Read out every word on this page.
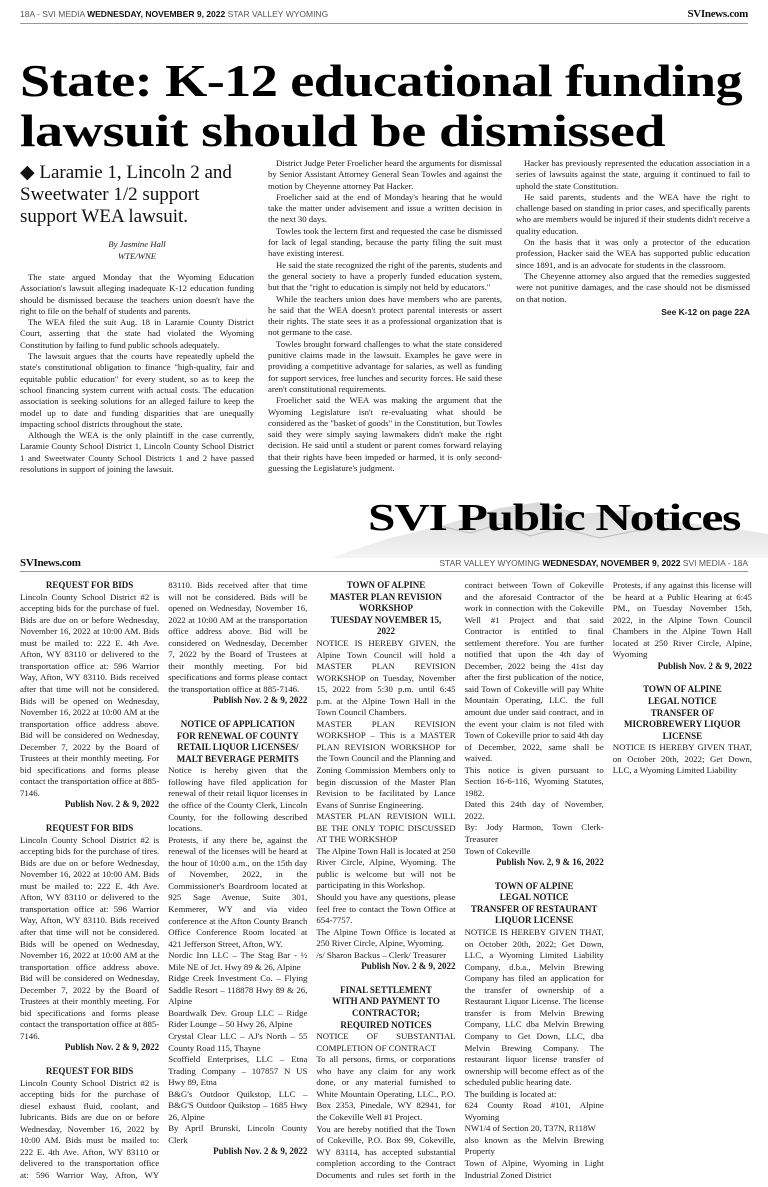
18A - SVI MEDIA WEDNESDAY, NOVEMBER 9, 2022 STAR VALLEY WYOMING	SVInews.com
State: K-12 educational funding
lawsuit should be dismissed
◆ Laramie 1, Lincoln 2 and Sweetwater 1/2 support support WEA lawsuit.
By Jasmine Hall
WTE/WNE

The state argued Monday that the Wyoming Education Association's lawsuit alleging inadequate K-12 education funding should be dismissed because the teachers union doesn't have the right to file on the behalf of students and parents.

The WEA filed the suit Aug. 18 in Laramie County District Court, asserting that the state had violated the Wyoming Constitution by failing to fund public schools adequately.

The lawsuit argues that the courts have repeatedly upheld the state's constitutional obligation to finance "high-quality, fair and equitable public education" for every student, so as to keep the school financing system current with actual costs. The education association is seeking solutions for an alleged failure to keep the model up to date and funding disparities that are unequally impacting school districts throughout the state.

Although the WEA is the only plaintiff in the case currently, Laramie County School District 1, Lincoln County School District 1 and Sweetwater County School Districts 1 and 2 have passed resolutions in support of joining the lawsuit.

District Judge Peter Froelicher heard the arguments for dismissal by Senior Assistant Attorney General Sean Towles and against the motion by Cheyenne attorney Pat Hacker.

Froelicher said at the end of Monday's hearing that he would take the matter under advisement and issue a written decision in the next 30 days.

Towles took the lectern first and requested the case be dismissed for lack of legal standing, because the party filing the suit must have existing interest.

He said the state recognized the right of the parents, students and the general society to have a properly funded education system, but that the "right to education is simply not held by educators."

While the teachers union does have members who are parents, he said that the WEA doesn't protect parental interests or assert their rights. The state sees it as a professional organization that is not germane to the case.

Towles brought forward challenges to what the state considered punitive claims made in the lawsuit. Examples he gave were in providing a competitive advantage for salaries, as well as funding for support services, free lunches and security forces. He said these aren't constitutional requirements.

Froelicher said the WEA was making the argument that the Wyoming Legislature isn't re-evaluating what should be considered as the "basket of goods" in the Constitution, but Towles said they were simply saying lawmakers didn't make the right decision. He said until a student or parent comes forward relaying that their rights have been impeded or harmed, it is only second-guessing the Legislature's judgment.

Hacker has previously represented the education association in a series of lawsuits against the state, arguing it continued to fail to uphold the state Constitution.

He said parents, students and the WEA have the right to challenge based on standing in prior cases, and specifically parents who are members would be injured if their students didn't receive a quality education.

On the basis that it was only a protector of the education profession, Hacker said the WEA has supported public education since 1891, and is an advocate for students in the classroom.

The Cheyenne attorney also argued that the remedies suggested were not punitive damages, and the case should not be dismissed on that notion.

See K-12 on page 22A
SVI Public Notices
SVInews.com	STAR VALLEY WYOMING WEDNESDAY, NOVEMBER 9, 2022 SVI MEDIA - 18A
REQUEST FOR BIDS

Lincoln County School District #2 is accepting bids for the purchase of fuel. Bids are due on or before Wednesday, November 16, 2022 at 10:00 AM. Bids must be mailed to: 222 E. 4th Ave. Afton, WY 83110 or delivered to the transportation office at: 596 Warrior Way, Afton, WY 83110. Bids received after that time will not be considered. Bids will be opened on Wednesday, November 16, 2022 at 10:00 AM at the transportation office address above. Bid will be considered on Wednesday, December 7, 2022 by the Board of Trustees at their monthly meeting. For bid specifications and forms please contact the transportation office at 885-7146.

Publish Nov. 2 & 9, 2022

REQUEST FOR BIDS

Lincoln County School District #2 is accepting bids for the purchase of tires. Bids are due on or before Wednesday, November 16, 2022 at 10:00 AM. Bids must be mailed to: 222 E. 4th Ave. Afton, WY 83110 or delivered to the transportation office at: 596 Warrior Way, Afton, WY 83110. Bids received after that time will not be considered. Bids will be opened on Wednesday, November 16, 2022 at 10:00 AM at the transportation office address above. Bid will be considered on Wednesday, December 7, 2022 by the Board of Trustees at their monthly meeting. For bid specifications and forms please contact the transportation office at 885-7146.

Publish Nov. 2 & 9, 2022

REQUEST FOR BIDS

Lincoln County School District #2 is accepting bids for the purchase of diesel exhaust fluid, coolant, and lubricants. Bids are due on or before Wednesday, November 16, 2022 by 10:00 AM. Bids must be mailed to: 222 E. 4th Ave. Afton, WY 83110 or delivered to the transportation office at: 596 Warrior Way, Afton, WY 83110. Bids received after that time will not be considered. Bids will be opened on Wednesday, November 16, 2022 at 10:00 AM at the transportation office address above. Bid will be considered on Wednesday, December 7, 2022 by the Board of Trustees at their monthly meeting. For bid specifications and forms please contact the transportation office at 885-7146.

Publish Nov. 2 & 9, 2022

NOTICE OF APPLICATION
FOR RENEWAL OF COUNTY
RETAIL LIQUOR LICENSES/
MALT BEVERAGE PERMITS

Notice is hereby given that the following have filed application for renewal of their retail liquor licenses in the office of the County Clerk, Lincoln County, for the following described locations.

Protests, if any there be, against the renewal of the licenses will be heard at the hour of 10:00 a.m., on the 15th day of November, 2022, in the Commissioner's Boardroom located at 925 Sage Avenue, Suite 301, Kemmerer, WY and via video conference at the Afton County Branch Office Conference Room located at 421 Jefferson Street, Afton, WY.

Nordic Inn LLC – The Stag Bar - ½ Mile NE of Jct. Hwy 89 & 26, Alpine

Ridge Creek Investment Co. – Flying Saddle Resort – 118878 Hwy 89 & 26, Alpine

Boardwalk Dev. Group LLC – Ridge Rider Lounge – 50 Hwy 26, Alpine

Crystal Clear LLC – AJ's North – 55 County Road 115, Thayne

Scoffield Enterprises, LLC – Etna Trading Company – 107857 N US Hwy 89, Etna

B&G's Outdoor Quikstop, LLC – B&G'S Outdoor Quikstop – 1685 Hwy 26, Alpine

By April Brunski, Lincoln County Clerk

Publish Nov. 2 & 9, 2022

TOWN OF ALPINE
MASTER PLAN REVISION
WORKSHOP
TUESDAY NOVEMBER 15,
2022

NOTICE IS HEREBY GIVEN, the Alpine Town Council will hold a MASTER PLAN REVISION WORKSHOP on Tuesday, November 15, 2022 from 5:30 p.m. until 6:45 p.m. at the Alpine Town Hall in the Town Council Chambers.

MASTER PLAN REVISION WORKSHOP – This is a MASTER PLAN REVISION WORKSHOP for the Town Council and the Planning and Zoning Commission Members only to begin discussion of the Master Plan Revision to be facilitated by Lance Evans of Sunrise Engineering.

MASTER PLAN REVISION WILL BE THE ONLY TOPIC DISCUSSED AT THE WORKSHOP

The Alpine Town Hall is located at 250 River Circle, Alpine, Wyoming. The public is welcome but will not be participating in this Workshop.

Should you have any questions, please feel free to contact the Town Office at 654-7757.

The Alpine Town Office is located at 250 River Circle, Alpine, Wyoming.

/s/ Sharon Backus – Clerk/ Treasurer

Publish Nov. 2 & 9, 2022

FINAL SETTLEMENT
WITH AND PAYMENT TO
CONTRACTOR;
REQUIRED NOTICES

NOTICE OF SUBSTANTIAL COMPLETION OF CONTRACT

To all persons, firms, or corporations who have any claim for any work done, or any material furnished to White Mountain Operating, LLC., P.O. Box 2353, Pinedale, WY 82941, for the Cokeville Well #1 Project.

You are hereby notified that the Town of Cokeville, P.O. Box 99, Cokeville, WY 83114, has accepted substantial completion according to the Contract Documents and rules set forth in the contract between Town of Cokeville and the aforesaid Contractor of the work in connection with the Cokeville Well #1 Project and that said Contractor is entitled to final settlement therefore. You are further notified that upon the 4th day of December, 2022 being the 41st day after the first publication of the notice, said Town of Cokeville will pay White Mountain Operating, LLC. the full amount due under said contract, and in the event your claim is not filed with Town of Cokeville prior to said 4th day of December, 2022, same shall be waived.

This notice is given pursuant to Section 16-6-116, Wyoming Statutes, 1982.

Dated this 24th day of November, 2022.

By: Jody Harmon, Town Clerk-Treasurer

Town of Cokeville

Publish Nov. 2, 9 & 16, 2022

TOWN OF ALPINE
LEGAL NOTICE
TRANSFER OF RESTAURANT
LIQUOR LICENSE

NOTICE IS HEREBY GIVEN THAT, on October 20th, 2022; Get Down, LLC, a Wyoming Limited Liability Company, d.b.a., Melvin Brewing Company has filed an application for the transfer of ownership of a Restaurant Liquor License. The license transfer is from Melvin Brewing Company, LLC dba Melvin Brewing Company to Get Down, LLC, dba Melvin Brewing Company. The restaurant liquor license transfer of ownership will become effect as of the scheduled public hearing date.

The building is located at:

624 County Road #101, Alpine Wyoming

NW1/4 of Section 20, T37N, R118W

also known as the Melvin Brewing Property

Town of Alpine, Wyoming in Light Industrial Zoned District

Protests, if any against this license will be heard at a Public Hearing at 6:45 PM., on Tuesday November 15th, 2022, in the Alpine Town Council Chambers in the Alpine Town Hall located at 250 River Circle, Alpine, Wyoming

Publish Nov. 2 & 9, 2022

TOWN OF ALPINE
LEGAL NOTICE
TRANSFER OF
MICROBREWERY LIQUOR
LICENSE

NOTICE IS HEREBY GIVEN THAT, on October 20th, 2022; Get Down, LLC, a Wyoming Limited Liability
